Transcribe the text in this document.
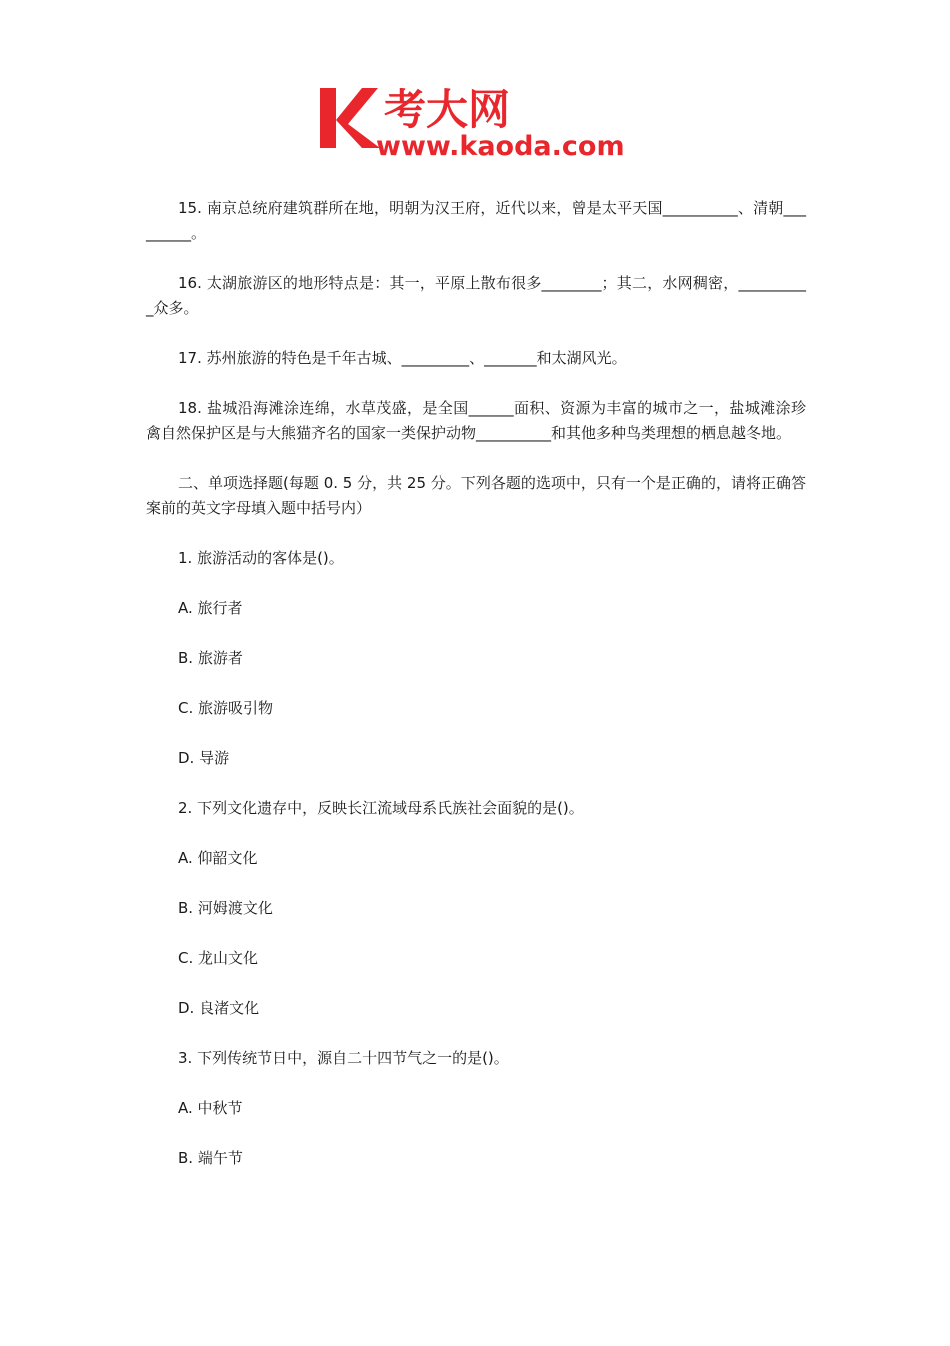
考大网
www.kaoda.com

15. 南京总统府建筑群所在地，明朝为汉王府，近代以来，曾是太平天国__________、清朝_________。

16. 太湖旅游区的地形特点是：其一，平原上散布很多________；其二，水网稠密，__________众多。

17. 苏州旅游的特色是千年古城、_________、_______和太湖风光。

18. 盐城沿海滩涂连绵，水草茂盛，是全国______面积、资源为丰富的城市之一，盐城滩涂珍禽自然保护区是与大熊猫齐名的国家一类保护动物__________和其他多种鸟类理想的栖息越冬地。

二、单项选择题(每题 0. 5 分，共 25 分。下列各题的选项中，只有一个是正确的，请将正确答案前的英文字母填入题中括号内）

1. 旅游活动的客体是()。

A. 旅行者

B. 旅游者

C. 旅游吸引物

D. 导游

2. 下列文化遗存中，反映长江流域母系氏族社会面貌的是()。

A. 仰韶文化

B. 河姆渡文化

C. 龙山文化

D. 良渚文化

3. 下列传统节日中，源自二十四节气之一的是()。

A. 中秋节

B. 端午节
